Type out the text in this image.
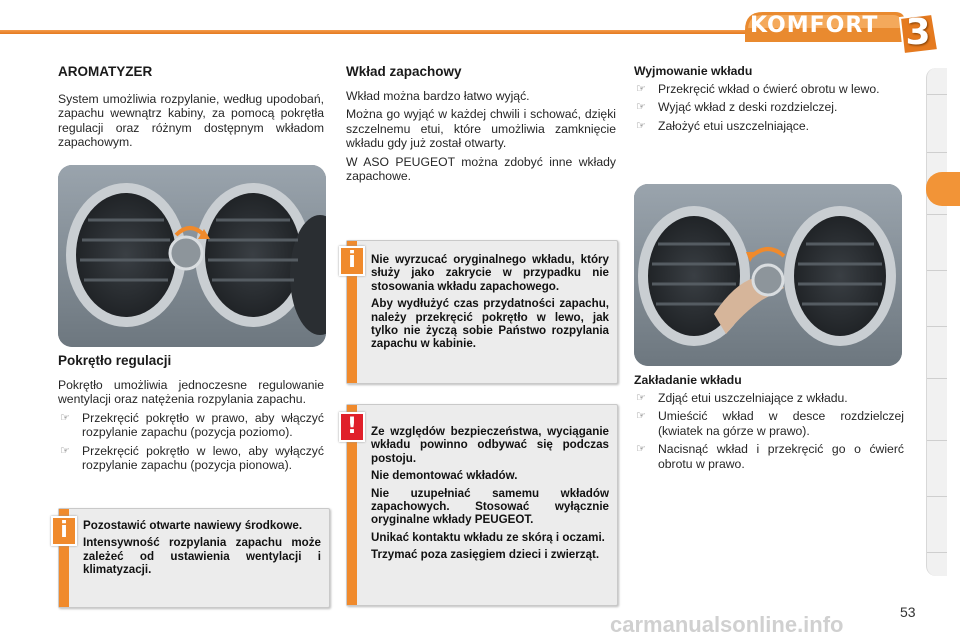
KOMFORT 3
AROMATYZER

System umożliwia rozpylanie, według upodobań, zapachu wewnątrz kabiny, za pomocą pokrętła regulacji oraz różnym dostępnym wkładom zapachowym.

Pokrętło regulacji

Pokrętło umożliwia jednoczesne regulowanie wentylacji oraz natężenia rozpylania zapachu.

☞ Przekręcić pokrętło w prawo, aby włączyć rozpylanie zapachu (pozycja poziomo).

☞ Przekręcić pokrętło w lewo, aby wyłączyć rozpylanie zapachu (pozycja pionowa).

Pozostawić otwarte nawiewy środkowe.

Intensywność rozpylania zapachu może zależeć od ustawienia wentylacji i klimatyzacji.

i
Wkład zapachowy

Wkład można bardzo łatwo wyjąć.

Można go wyjąć w każdej chwili i schować, dzięki szczelnemu etui, które umożliwia zamknięcie wkładu gdy już został otwarty.

W ASO PEUGEOT można zdobyć inne wkłady zapachowe.

Nie wyrzucać oryginalnego wkładu, który służy jako zakrycie w przypadku nie stosowania wkładu zapachowego.

Aby wydłużyć czas przydatności zapachu, należy przekręcić pokrętło w lewo, jak tylko nie życzą sobie Państwo rozpylania zapachu w kabinie.

i

Ze względów bezpieczeństwa, wyciąganie wkładu powinno odbywać się podczas postoju.

Nie demontować wkładów.

Nie uzupełniać samemu wkładów zapachowych. Stosować wyłącznie oryginalne wkłady PEUGEOT.

Unikać kontaktu wkładu ze skórą i oczami.

Trzymać poza zasięgiem dzieci i zwierząt.

!
Wyjmowanie wkładu

☞ Przekręcić wkład o ćwierć obrotu w lewo.

☞ Wyjąć wkład z deski rozdzielczej.

☞ Założyć etui uszczelniające.

Zakładanie wkładu

☞ Zdjąć etui uszczelniające z wkładu.

☞ Umieścić wkład w desce rozdzielczej (kwiatek na górze w prawo).

☞ Nacisnąć wkład i przekręcić go o ćwierć obrotu w prawo.

53
carmanualsonline.info
